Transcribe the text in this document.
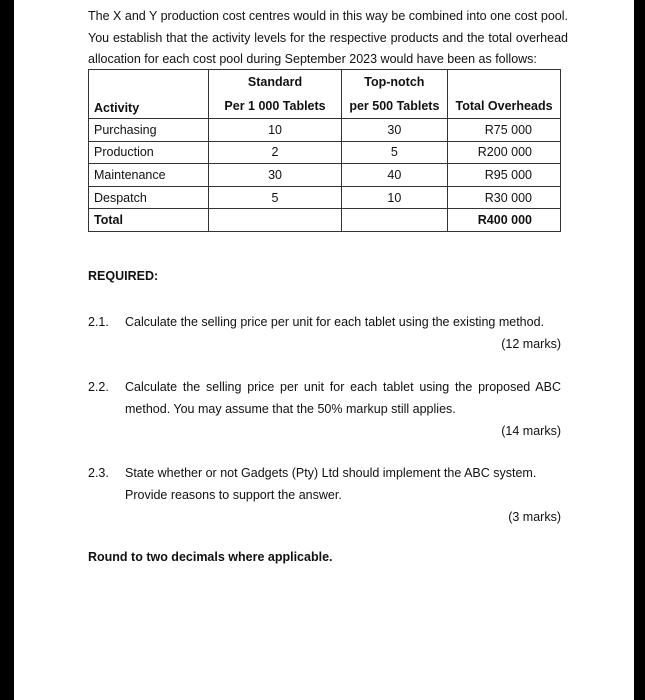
The X and Y production cost centres would in this way be combined into one cost pool.

You establish that the activity levels for the respective products and the total overhead

allocation for each cost pool during September 2023 would have been as follows:

	Standard	Top-notch	
Activity	Per 1 000 Tablets	per 500 Tablets	Total Overheads
Purchasing	10	30	R75 000
Production	2	5	R200 000
Maintenance	30	40	R95 000
Despatch	5	10	R30 000
Total			R400 000
REQUIRED:
2.1. Calculate the selling price per unit for each tablet using the existing method.
(12 marks)
2.2. Calculate the selling price per unit for each tablet using the proposed ABC
method. You may assume that the 50% markup still applies.
(14 marks)
2.3. State whether or not Gadgets (Pty) Ltd should implement the ABC system.
Provide reasons to support the answer.
(3 marks)
Round to two decimals where applicable.
